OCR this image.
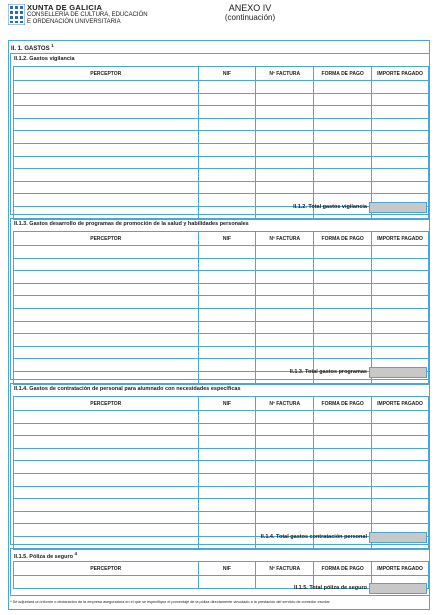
XUNTA DE GALICIA
CONSELLERÍA DE CULTURA, EDUCACIÓN
E ORDENACIÓN UNIVERSITARIA
ANEXO IV
(continuación)
II. 1. GASTOS $^1$
II.1.2. Gastos vigilancia
PERCEPTOR	NIF	Nº FACTURA	FORMA DE PAGO	IMPORTE PAGADO

II.1.2. Total gastos vigilancia
II.1.3. Gastos desarrollo de programas de promoción de la salud y habilidades personales
PERCEPTOR	NIF	Nº FACTURA	FORMA DE PAGO	IMPORTE PAGADO

II.1.3. Total gastos programas
II.1.4. Gastos de contratación de personal para alumnado con necesidades específicas
PERCEPTOR	NIF	Nº FACTURA	FORMA DE PAGO	IMPORTE PAGADO

II.1.4. Total gastos contratación personal
II.1.5. Póliza de seguro $^4$
PERCEPTOR	NIF	Nº FACTURA	FORMA DE PAGO	IMPORTE PAGADO

II.1.5. Total póliza de seguro
⁴ Se adjuntará un informe o declaración de la empresa aseguradora en el que se especifique el porcentaje de la póliza directamente vinculado a la prestación del servicio de comedor escolar
